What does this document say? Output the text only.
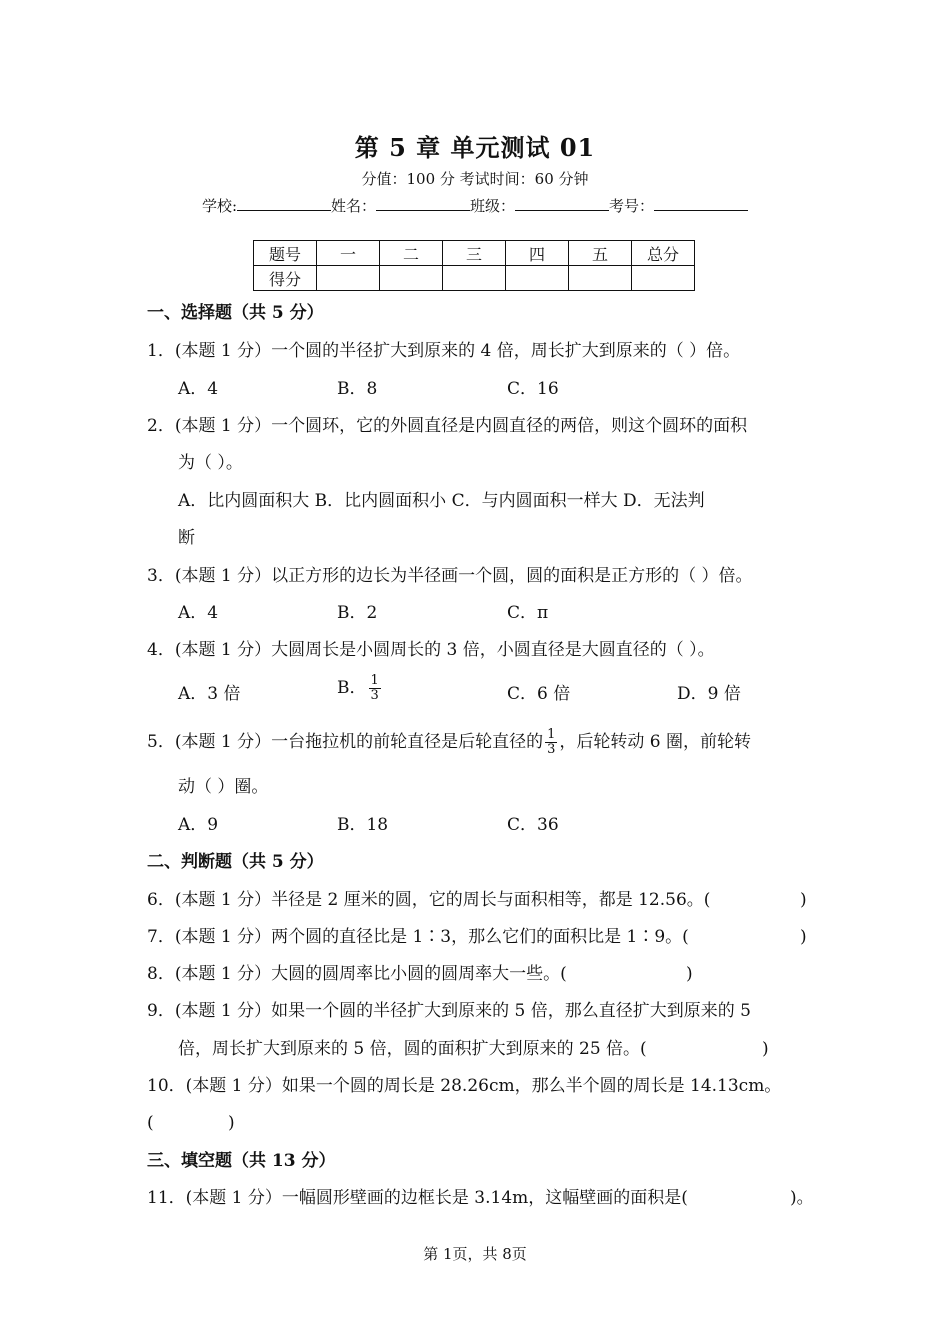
第 5 章 单元测试 01
分值：100 分 考试时间：60 分钟
学校:	姓名：	班级：	考号：
题号	一	二	三	四	五	总分
得分						
一、选择题（共 5 分）
1．(本题 1 分）一个圆的半径扩大到原来的 4 倍，周长扩大到原来的（ ）倍。
A．4	B．8	C．16
2．(本题 1 分）一个圆环，它的外圆直径是内圆直径的两倍，则这个圆环的面积
为（ ）。
A．比内圆面积大 B．比内圆面积小 C．与内圆面积一样大 D．无法判
断
3．(本题 1 分）以正方形的边长为半径画一个圆，圆的面积是正方形的（ ）倍。
A．4	B．2	C．π
4．(本题 1 分）大圆周长是小圆周长的 3 倍，小圆直径是大圆直径的（ ）。
A．3 倍	B． $\frac{1}{3}$	C．6 倍	D．9 倍
5．(本题 1 分）一台拖拉机的前轮直径是后轮直径的 $\frac{1}{3}$ ，后轮转动 6 圈，前轮转
动（ ）圈。
A．9	B．18	C．36
二、判断题（共 5 分）
6．(本题 1 分）半径是 2 厘米的圆，它的周长与面积相等，都是 12.56。(	)
7．(本题 1 分）两个圆的直径比是 1∶3，那么它们的面积比是 1∶9。(	)
8．(本题 1 分）大圆的圆周率比小圆的圆周率大一些。(	)
9．(本题 1 分）如果一个圆的半径扩大到原来的 5 倍，那么直径扩大到原来的 5
倍，周长扩大到原来的 5 倍，圆的面积扩大到原来的 25 倍。(	)
10．(本题 1 分）如果一个圆的周长是 28.26cm，那么半个圆的周长是 14.13cm。
(	)
三、填空题（共 13 分）
11．(本题 1 分）一幅圆形壁画的边框长是 3.14m，这幅壁画的面积是(	)。
第 1页，共 8页
